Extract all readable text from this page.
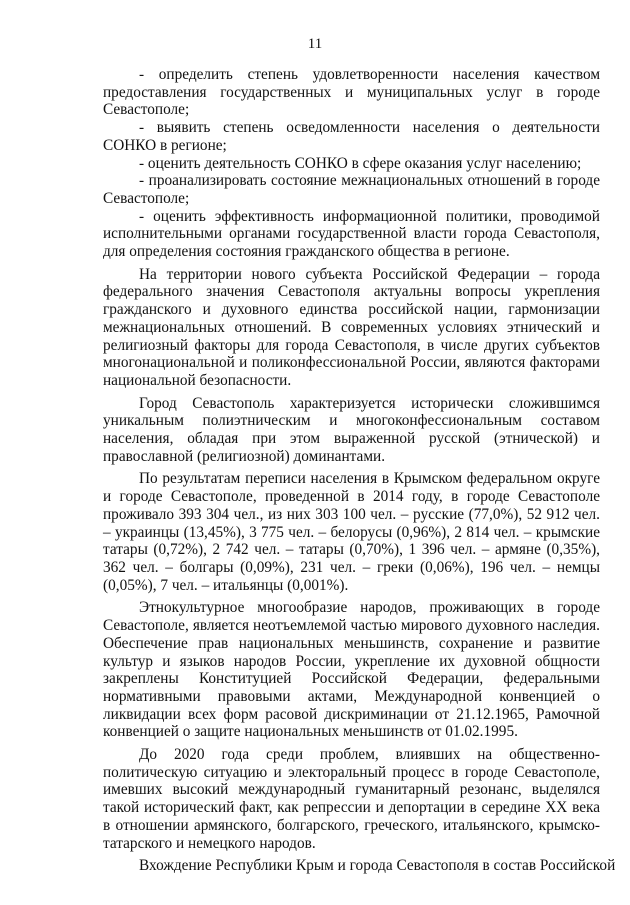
11

- определить степень удовлетворенности населения качеством предоставления государственных и муниципальных услуг в городе Севастополе;

- выявить степень осведомленности населения о деятельности СОНКО в регионе;

- оценить деятельность СОНКО в сфере оказания услуг населению;

- проанализировать состояние межнациональных отношений в городе Севастополе;

- оценить эффективность информационной политики, проводимой исполнительными органами государственной власти города Севастополя, для определения состояния гражданского общества в регионе.

На территории нового субъекта Российской Федерации – города федерального значения Севастополя актуальны вопросы укрепления гражданского и духовного единства российской нации, гармонизации межнациональных отношений. В современных условиях этнический и религиозный факторы для города Севастополя, в числе других субъектов многонациональной и поликонфессиональной России, являются факторами национальной безопасности.

Город Севастополь характеризуется исторически сложившимся уникальным полиэтническим и многоконфессиональным составом населения, обладая при этом выраженной русской (этнической) и православной (религиозной) доминантами.

По результатам переписи населения в Крымском федеральном округе и городе Севастополе, проведенной в 2014 году, в городе Севастополе проживало 393 304 чел., из них 303 100 чел. – русские (77,0%), 52 912 чел. – украинцы (13,45%), 3 775 чел. – белорусы (0,96%), 2 814 чел. – крымские татары (0,72%), 2 742 чел. – татары (0,70%), 1 396 чел. – армяне (0,35%), 362 чел. – болгары (0,09%), 231 чел. – греки (0,06%), 196 чел. – немцы (0,05%), 7 чел. – итальянцы (0,001%).

Этнокультурное многообразие народов, проживающих в городе Севастополе, является неотъемлемой частью мирового духовного наследия. Обеспечение прав национальных меньшинств, сохранение и развитие культур и языков народов России, укрепление их духовной общности закреплены Конституцией Российской Федерации, федеральными нормативными правовыми актами, Международной конвенцией о ликвидации всех форм расовой дискриминации от 21.12.1965, Рамочной конвенцией о защите национальных меньшинств от 01.02.1995.

До 2020 года среди проблем, влиявших на общественно-политическую ситуацию и электоральный процесс в городе Севастополе, имевших высокий международный гуманитарный резонанс, выделялся такой исторический факт, как репрессии и депортации в середине XX века в отношении армянского, болгарского, греческого, итальянского, крымско-татарского и немецкого народов.

Вхождение Республики Крым и города Севастополя в состав Российской
